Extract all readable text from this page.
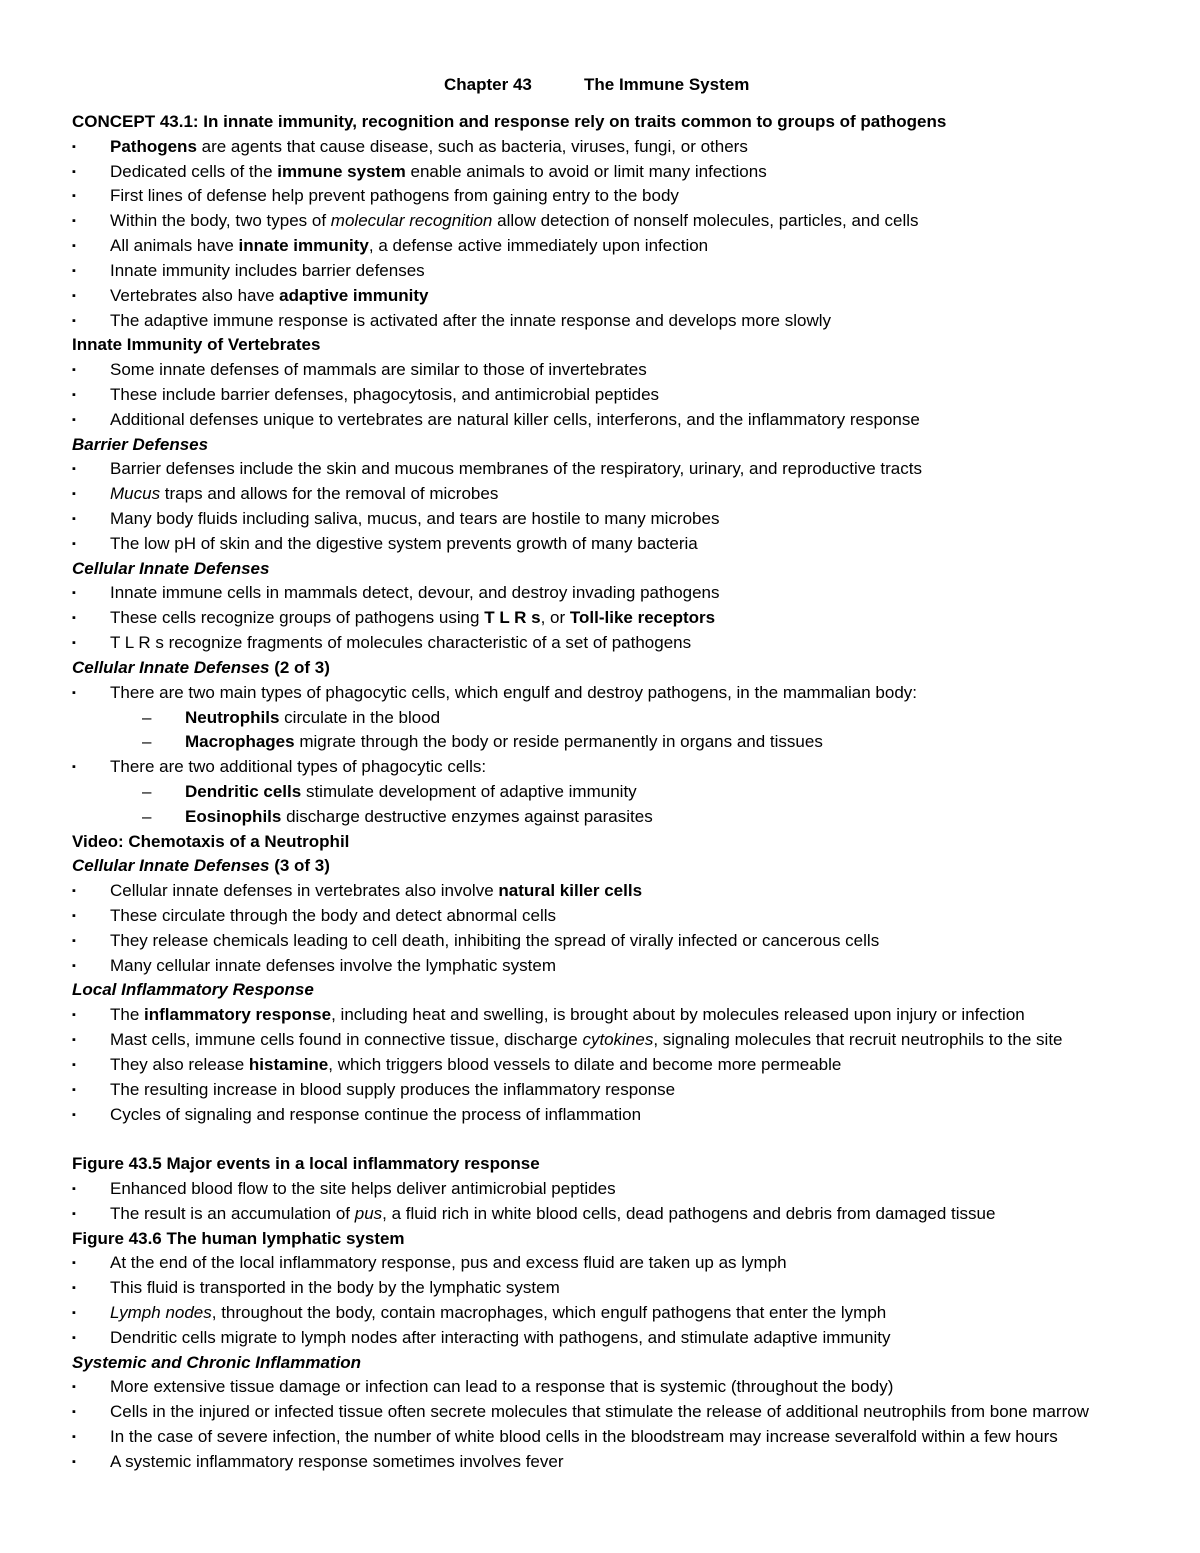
Chapter 43	The Immune System
CONCEPT 43.1: In innate immunity, recognition and response rely on traits common to groups of pathogens
▪ Pathogens are agents that cause disease, such as bacteria, viruses, fungi, or others
▪ Dedicated cells of the immune system enable animals to avoid or limit many infections
▪ First lines of defense help prevent pathogens from gaining entry to the body
▪ Within the body, two types of molecular recognition allow detection of nonself molecules, particles, and cells
▪ All animals have innate immunity, a defense active immediately upon infection
▪ Innate immunity includes barrier defenses
▪ Vertebrates also have adaptive immunity
▪ The adaptive immune response is activated after the innate response and develops more slowly
Innate Immunity of Vertebrates
▪ Some innate defenses of mammals are similar to those of invertebrates
▪ These include barrier defenses, phagocytosis, and antimicrobial peptides
▪ Additional defenses unique to vertebrates are natural killer cells, interferons, and the inflammatory response
Barrier Defenses
▪ Barrier defenses include the skin and mucous membranes of the respiratory, urinary, and reproductive tracts
▪ Mucus traps and allows for the removal of microbes
▪ Many body fluids including saliva, mucus, and tears are hostile to many microbes
▪ The low pH of skin and the digestive system prevents growth of many bacteria
Cellular Innate Defenses
▪ Innate immune cells in mammals detect, devour, and destroy invading pathogens
▪ These cells recognize groups of pathogens using T L R s, or Toll-like receptors
▪ T L R s recognize fragments of molecules characteristic of a set of pathogens
Cellular Innate Defenses (2 of 3)
▪ There are two main types of phagocytic cells, which engulf and destroy pathogens, in the mammalian body:
– Neutrophils circulate in the blood
– Macrophages migrate through the body or reside permanently in organs and tissues
▪ There are two additional types of phagocytic cells:
– Dendritic cells stimulate development of adaptive immunity
– Eosinophils discharge destructive enzymes against parasites
Video: Chemotaxis of a Neutrophil
Cellular Innate Defenses (3 of 3)
▪ Cellular innate defenses in vertebrates also involve natural killer cells
▪ These circulate through the body and detect abnormal cells
▪ They release chemicals leading to cell death, inhibiting the spread of virally infected or cancerous cells
▪ Many cellular innate defenses involve the lymphatic system
Local Inflammatory Response
▪ The inflammatory response, including heat and swelling, is brought about by molecules released upon injury or infection
▪ Mast cells, immune cells found in connective tissue, discharge cytokines, signaling molecules that recruit neutrophils to the site
▪ They also release histamine, which triggers blood vessels to dilate and become more permeable
▪ The resulting increase in blood supply produces the inflammatory response
▪ Cycles of signaling and response continue the process of inflammation
Figure 43.5 Major events in a local inflammatory response
▪ Enhanced blood flow to the site helps deliver antimicrobial peptides
▪ The result is an accumulation of pus, a fluid rich in white blood cells, dead pathogens and debris from damaged tissue
Figure 43.6 The human lymphatic system
▪ At the end of the local inflammatory response, pus and excess fluid are taken up as lymph
▪ This fluid is transported in the body by the lymphatic system
▪ Lymph nodes, throughout the body, contain macrophages, which engulf pathogens that enter the lymph
▪ Dendritic cells migrate to lymph nodes after interacting with pathogens, and stimulate adaptive immunity
Systemic and Chronic Inflammation
▪ More extensive tissue damage or infection can lead to a response that is systemic (throughout the body)
▪ Cells in the injured or infected tissue often secrete molecules that stimulate the release of additional neutrophils from bone marrow
▪ In the case of severe infection, the number of white blood cells in the bloodstream may increase severalfold within a few hours
▪ A systemic inflammatory response sometimes involves fever
